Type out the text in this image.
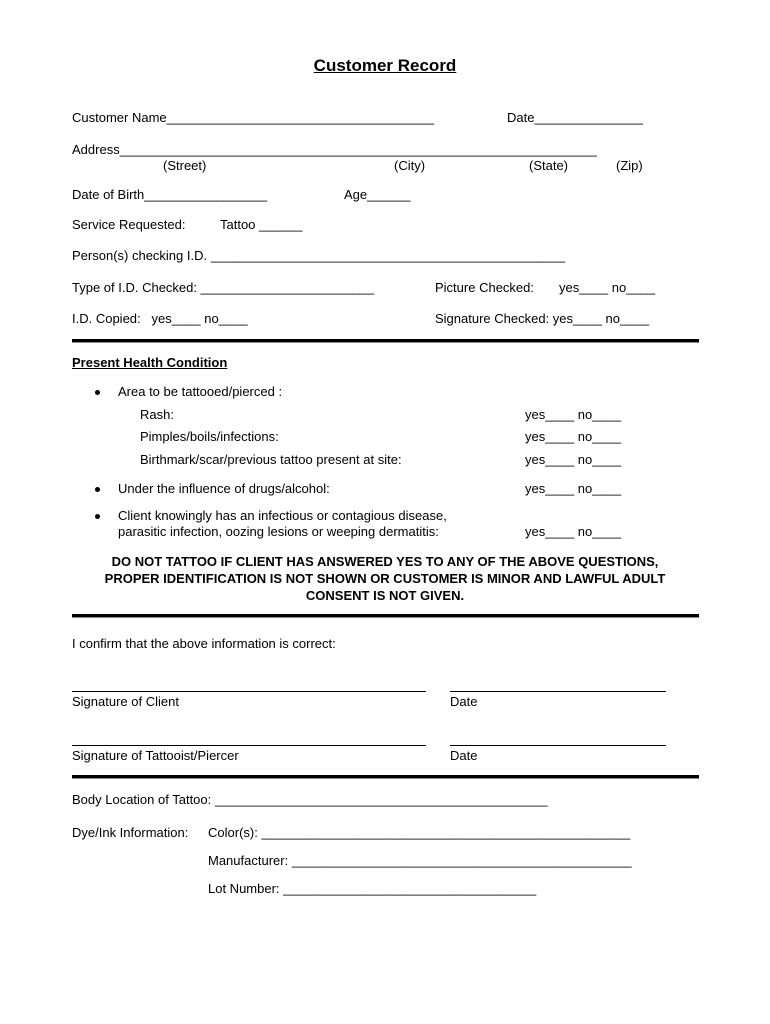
Customer Record
Customer Name_____________________________________	Date_______________
Address__________________________________________________________________
(Street)	(City)	(State)	(Zip)
Date of Birth_________________	Age______
Service Requested:	Tattoo ______
Person(s) checking I.D. _________________________________________________
Type of I.D. Checked: ________________________	Picture Checked: yes____ no____
I.D. Copied:   yes____ no____	Signature Checked: yes____ no____
Present Health Condition
Area to be tattooed/pierced :
Rash:	yes____ no____
Pimples/boils/infections:	yes____ no____
Birthmark/scar/previous tattoo present at site:	yes____ no____
Under the influence of drugs/alcohol:	yes____ no____
Client knowingly has an infectious or contagious disease,
parasitic infection, oozing lesions or weeping dermatitis:	yes____ no____
DO NOT TATTOO IF CLIENT HAS ANSWERED YES TO ANY OF THE ABOVE QUESTIONS,
PROPER IDENTIFICATION IS NOT SHOWN OR CUSTOMER IS MINOR AND LAWFUL ADULT
CONSENT IS NOT GIVEN.
I confirm that the above information is correct:
Signature of Client	Date
Signature of Tattooist/Piercer	Date
Body Location of Tattoo: ______________________________________________
Dye/Ink Information: Color(s): ___________________________________________________
Manufacturer: _______________________________________________
Lot Number: ___________________________________
